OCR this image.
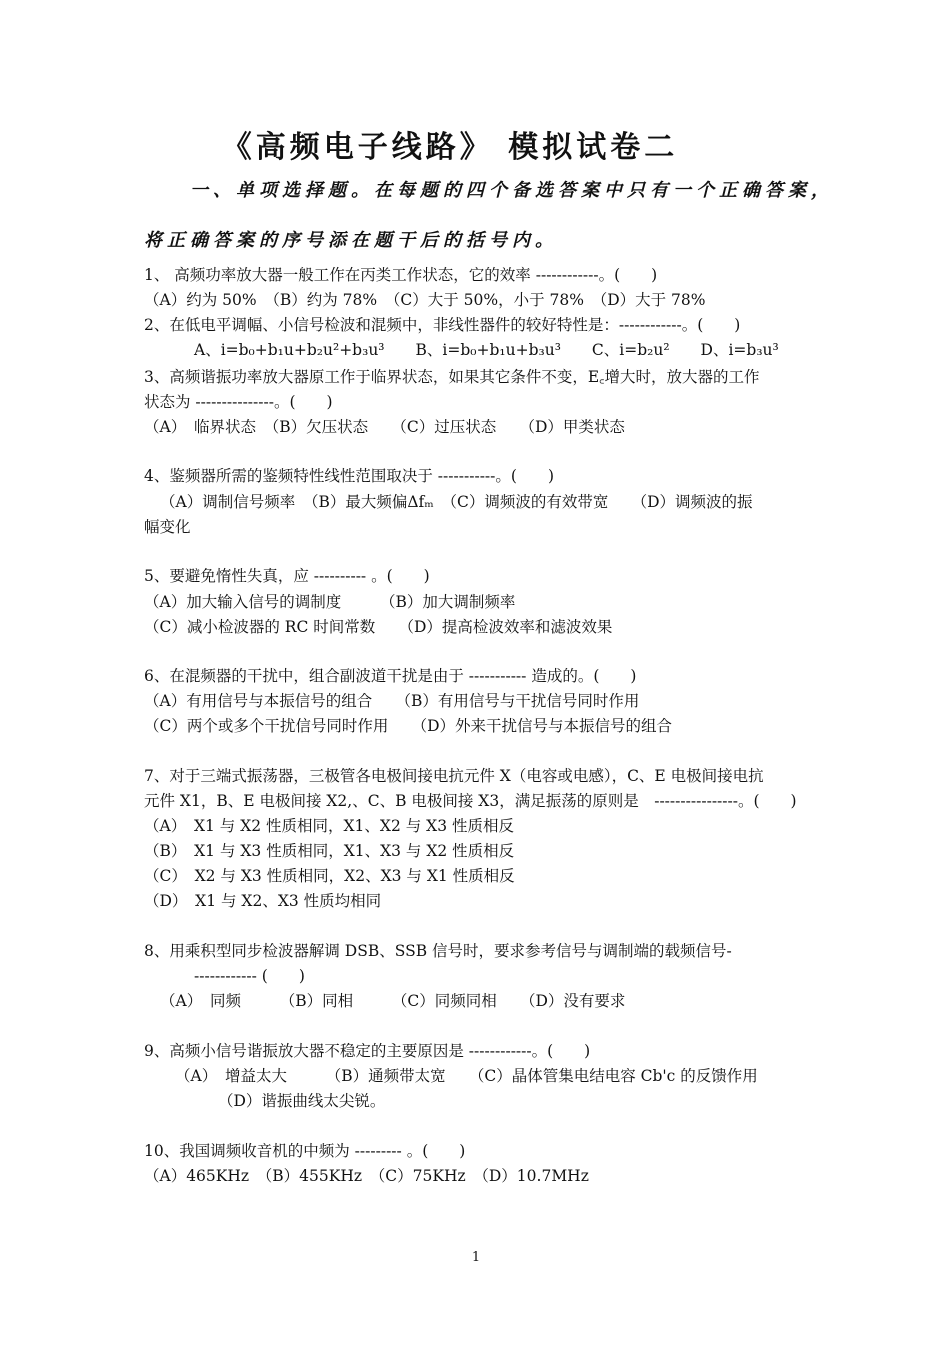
《高频电子线路》 模拟试卷二
一、单项选择题。在每题的四个备选答案中只有一个正确答案，
将正确答案的序号添在题干后的括号内。
1、 高频功率放大器一般工作在丙类工作状态，它的效率 ------------。(　　)
（A）约为 50%　（B）约为 78%　（C）大于 50%，小于 78%　（D）大于 78%
2、在低电平调幅、小信号检波和混频中，非线性器件的较好特性是：------------。(　　)
A、i=b₀+b₁u+b₂u²+b₃u³　　B、i=b₀+b₁u+b₃u³　　C、i=b₂u²　　D、i=b₃u³
3、高频谐振功率放大器原工作于临界状态，如果其它条件不变，E꜀增大时，放大器的工作
状态为 ---------------。(　　)
（A）　临界状态　（B）欠压状态　　（C）过压状态　　（D）甲类状态
4、鉴频器所需的鉴频特性线性范围取决于 -----------。(　　)
（A）调制信号频率　（B）最大频偏Δfₘ　（C）调频波的有效带宽　　（D）调频波的振
幅变化
5、要避免惰性失真，应 ---------- 。(　　)
（A）加大输入信号的调制度　　　（B）加大调制频率
（C）减小检波器的 RC 时间常数　　（D）提高检波效率和滤波效果
6、在混频器的干扰中，组合副波道干扰是由于 ----------- 造成的。(　　)
（A）有用信号与本振信号的组合　　（B）有用信号与干扰信号同时作用
（C）两个或多个干扰信号同时作用　　（D）外来干扰信号与本振信号的组合
7、对于三端式振荡器，三极管各电极间接电抗元件 X（电容或电感），C、E 电极间接电抗
元件 X1，B、E 电极间接 X2,、C、B 电极间接 X3，满足振荡的原则是　----------------。(　　)
（A）　X1 与 X2 性质相同，X1、X2 与 X3 性质相反
（B）　X1 与 X3 性质相同，X1、X3 与 X2 性质相反
（C）　X2 与 X3 性质相同，X2、X3 与 X1 性质相反
（D）　X1 与 X2、X3 性质均相同
8、用乘积型同步检波器解调 DSB、SSB 信号时，要求参考信号与调制端的载频信号-
------------ (　　)
（A）　同频　　　（B）同相　　　（C）同频同相　　（D）没有要求
9、高频小信号谐振放大器不稳定的主要原因是 ------------。(　　)
（A）　增益太大　　　（B）通频带太宽　　（C）晶体管集电结电容 Cb'c 的反馈作用
（D）谐振曲线太尖锐。
10、我国调频收音机的中频为 --------- 。(　　)
（A）465KHz　（B）455KHz　（C）75KHz　（D）10.7MHz
1
